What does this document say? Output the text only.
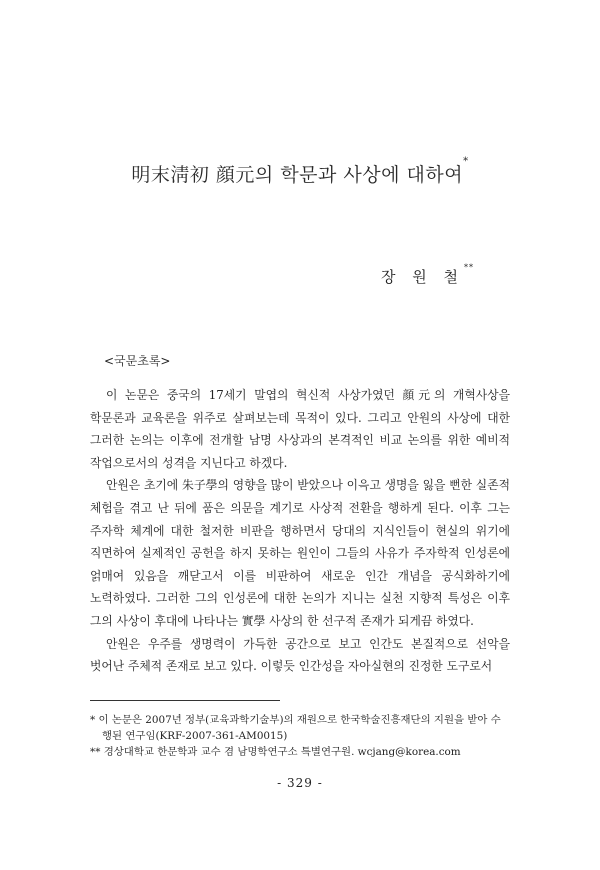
明末淸初 顔元의 학문과 사상에 대하여*
장 원 철**
<국문초록>

이 논문은 중국의 17세기 말엽의 혁신적 사상가였던 顔元의 개혁사상을 학문론과 교육론을 위주로 살펴보는데 목적이 있다. 그리고 안원의 사상에 대한 그러한 논의는 이후에 전개할 남명 사상과의 본격적인 비교 논의를 위한 예비적 작업으로서의 성격을 지닌다고 하겠다.

안원은 초기에 朱子學의 영향을 많이 받았으나 이윽고 생명을 잃을 뻔한 실존적 체험을 겪고 난 뒤에 품은 의문을 계기로 사상적 전환을 행하게 된다. 이후 그는 주자학 체계에 대한 철저한 비판을 행하면서 당대의 지식인들이 현실의 위기에 직면하여 실제적인 공헌을 하지 못하는 원인이 그들의 사유가 주자학적 인성론에 얽매여 있음을 깨닫고서 이를 비판하여 새로운 인간 개념을 공식화하기에 노력하였다. 그러한 그의 인성론에 대한 논의가 지니는 실천 지향적 특성은 이후 그의 사상이 후대에 나타나는 實學 사상의 한 선구적 존재가 되게끔 하였다.

안원은 우주를 생명력이 가득한 공간으로 보고 인간도 본질적으로 선악을 벗어난 주체적 존재로 보고 있다. 이렇듯 인간성을 자아실현의 진정한 도구로서

* 이 논문은 2007년 정부(교육과학기술부)의 재원으로 한국학술진흥재단의 지원을 받아 수행된 연구임(KRF-2007-361-AM0015)

** 경상대학교 한문학과 교수 겸 남명학연구소 특별연구원. wcjang@korea.com

- 329 -
